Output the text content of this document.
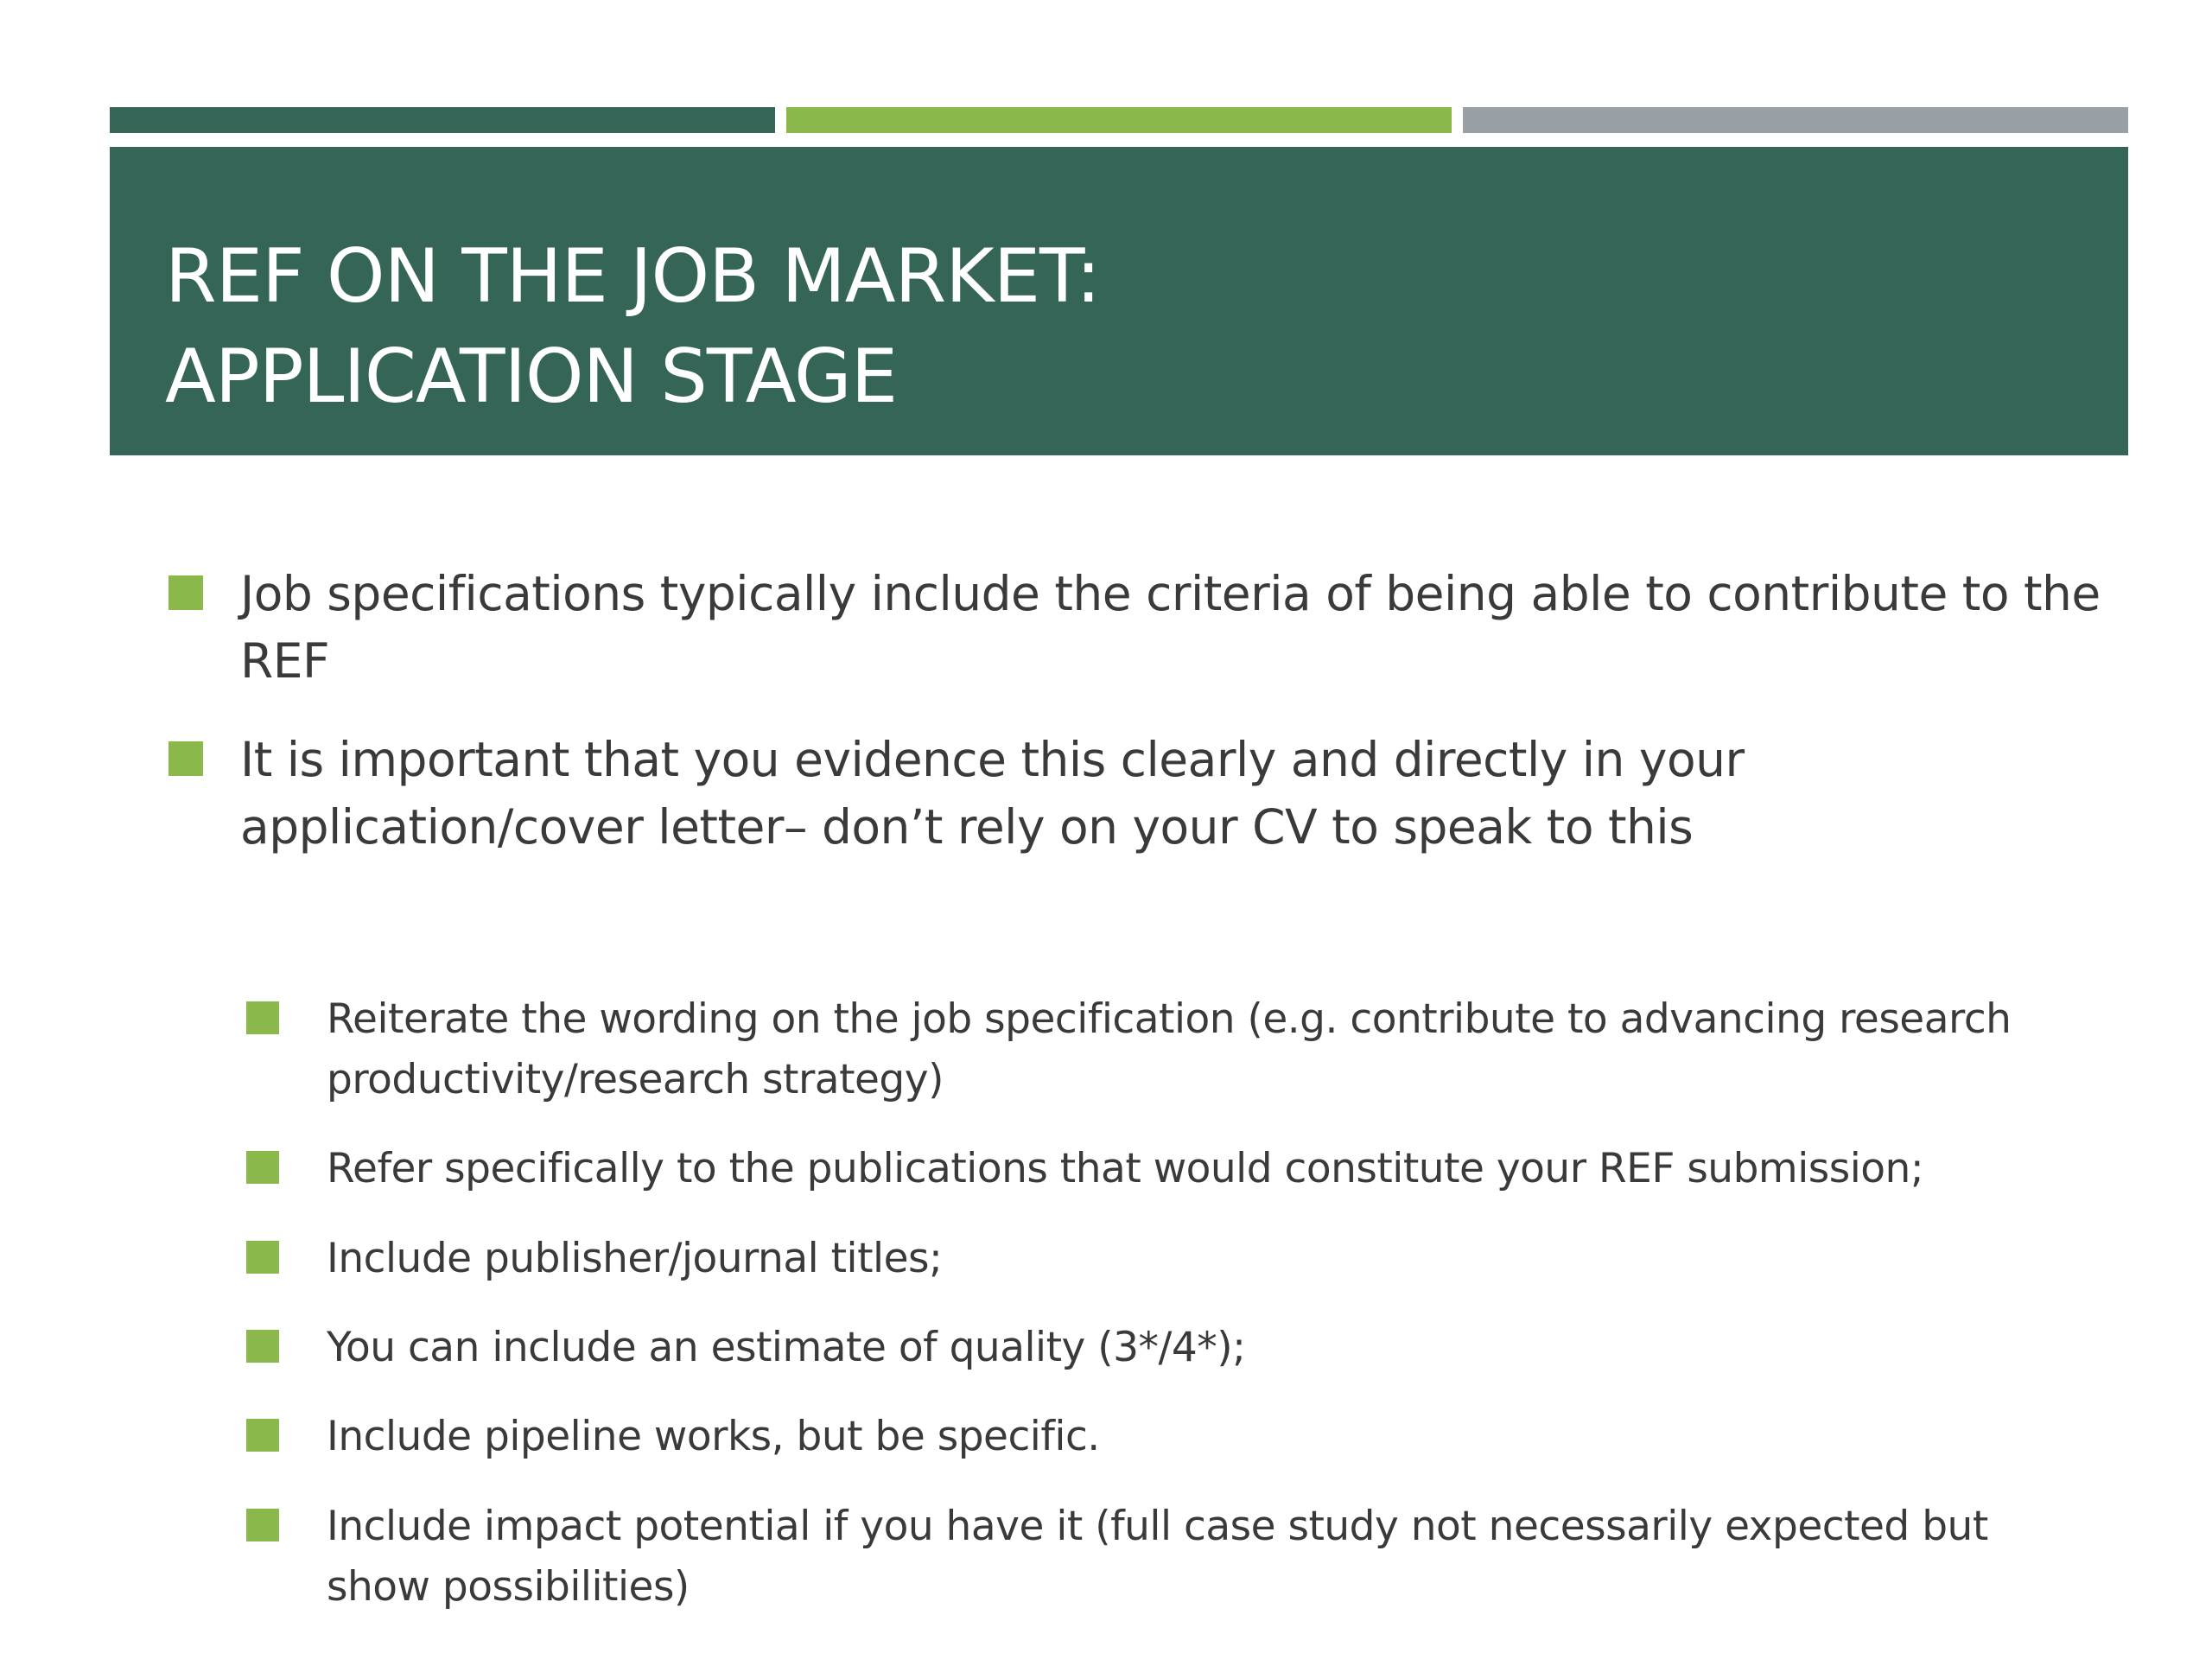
REF ON THE JOB MARKET:
APPLICATION STAGE

Job specifications typically include the criteria of being able to contribute to the REF

It is important that you evidence this clearly and directly in your application/cover letter– don’t rely on your CV to speak to this

Reiterate the wording on the job specification (e.g. contribute to advancing research productivity/research strategy)

Refer specifically to the publications that would constitute your REF submission;

Include publisher/journal titles;

You can include an estimate of quality (3*/4*);

Include pipeline works, but be specific.

Include impact potential if you have it (full case study not necessarily expected but show possibilities)
